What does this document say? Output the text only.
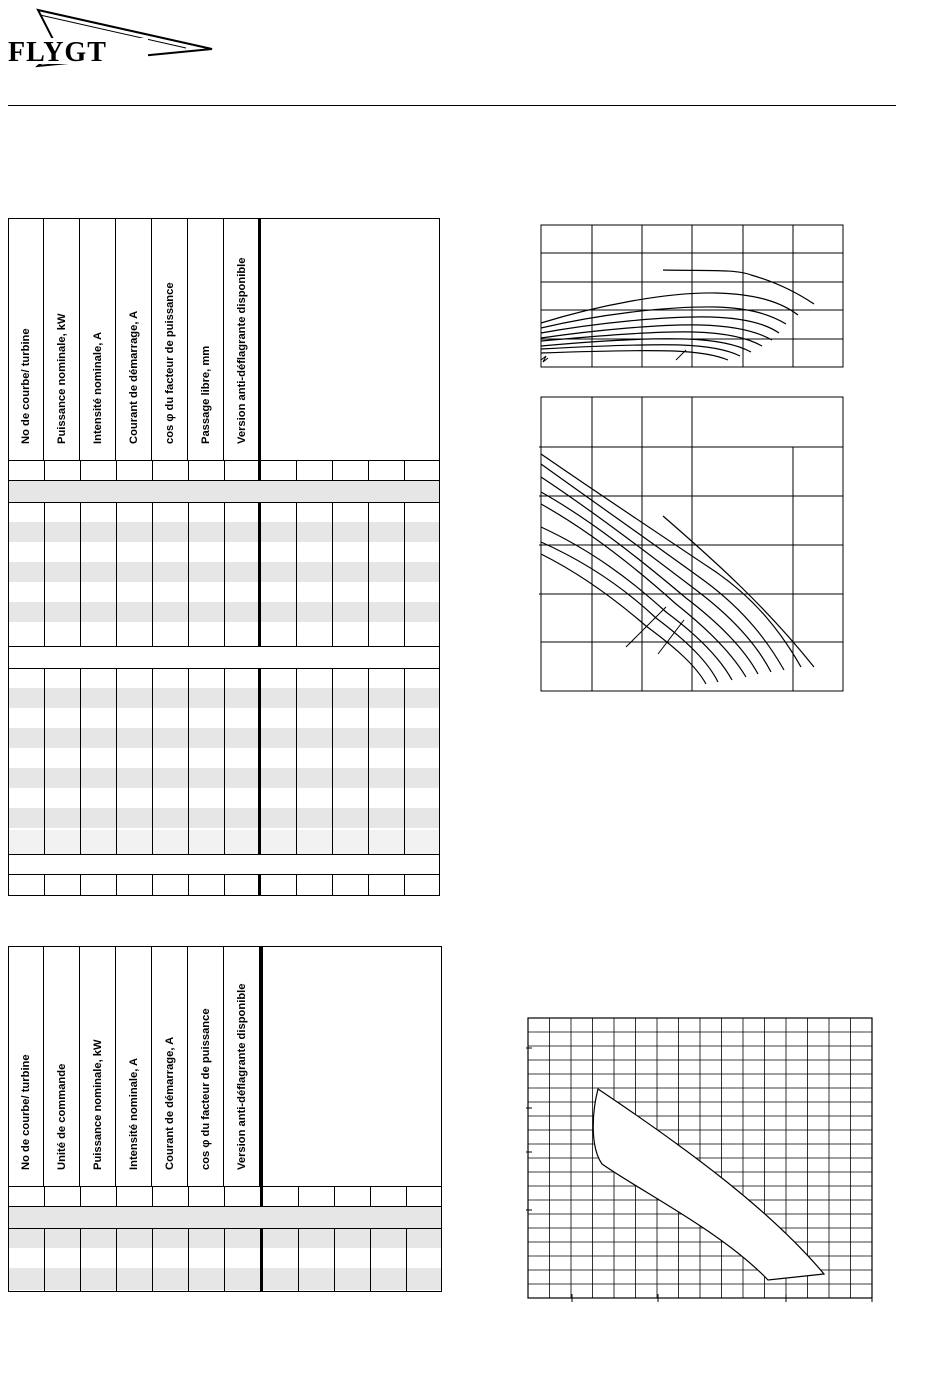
FLYGT
No de courbe/ turbine Puissance nominale, kW Intensité nominale, A Courant de démarrage, A cos φ du facteur de puissance Passage libre, mm Version anti-déflagrante disponible
No de courbe/ turbine Unité de commande Puissance nominale, kW Intensité nominale, A Courant de démarrage, A cos φ du facteur de puissance Version anti-déflagrante disponible
